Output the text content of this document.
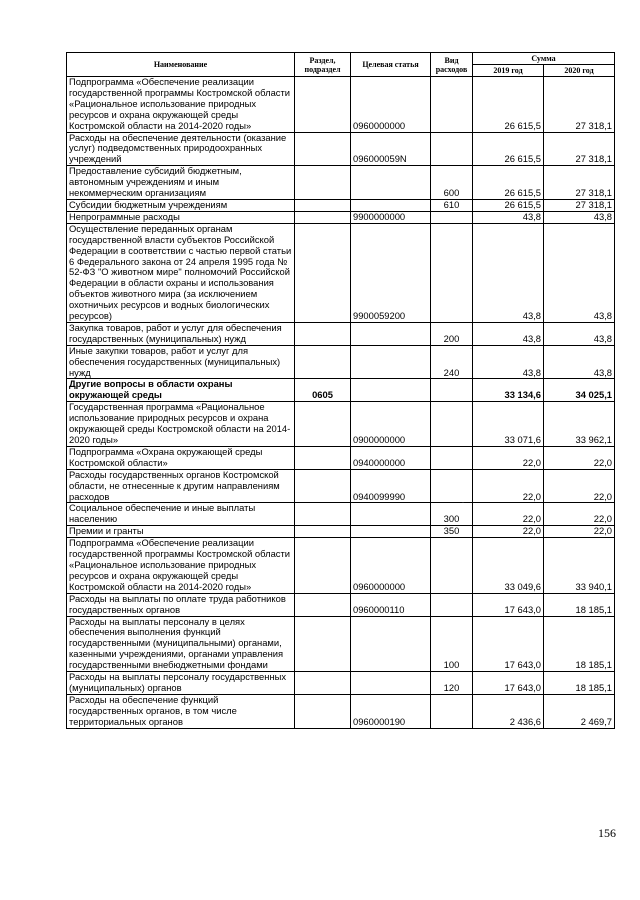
Наименование	Раздел, подраздел	Целевая статья	Вид расходов	Сумма	
				2019 год	2020 год
Подпрограмма «Обеспечение реализации государственной программы Костромской области «Рациональное использование природных ресурсов и охрана окружающей среды Костромской области на 2014-2020 годы»		0960000000		26 615,5	27 318,1
Расходы на обеспечение деятельности (оказание услуг) подведомственных природоохранных учреждений		096000059N		26 615,5	27 318,1
Предоставление субсидий бюджетным, автономным учреждениям и иным некоммерческим организациям			600	26 615,5	27 318,1
Субсидии бюджетным учреждениям			610	26 615,5	27 318,1
Непрограммные расходы		9900000000		43,8	43,8
Осуществление переданных органам государственной власти субъектов Российской Федерации в соответствии с частью первой статьи 6 Федерального закона от 24 апреля 1995 года № 52-ФЗ "О животном мире" полномочий Российской Федерации в области охраны и использования объектов животного мира (за исключением охотничьих ресурсов и водных биологических ресурсов)		9900059200		43,8	43,8
Закупка товаров, работ и услуг для обеспечения государственных (муниципальных) нужд			200	43,8	43,8
Иные закупки товаров, работ и услуг для обеспечения государственных (муниципальных) нужд			240	43,8	43,8
Другие вопросы в области охраны окружающей среды	0605			33 134,6	34 025,1
Государственная программа «Рациональное использование природных ресурсов и охрана окружающей среды Костромской области на 2014-2020 годы»		0900000000		33 071,6	33 962,1
Подпрограмма «Охрана окружающей среды Костромской области»		0940000000		22,0	22,0
Расходы государственных органов Костромской области, не отнесенные к другим направлениям расходов		0940099990		22,0	22,0
Социальное обеспечение и иные выплаты населению			300	22,0	22,0
Премии и гранты			350	22,0	22,0
Подпрограмма «Обеспечение реализации государственной программы Костромской области «Рациональное использование природных ресурсов и охрана окружающей среды Костромской области на 2014-2020 годы»		0960000000		33 049,6	33 940,1
Расходы на выплаты по оплате труда работников государственных органов		0960000110		17 643,0	18 185,1
Расходы на выплаты персоналу в целях обеспечения выполнения функций государственными (муниципальными) органами, казенными учреждениями, органами управления государственными внебюджетными фондами			100	17 643,0	18 185,1
Расходы на выплаты персоналу государственных (муниципальных) органов			120	17 643,0	18 185,1
Расходы на обеспечение функций государственных органов, в том числе территориальных органов		0960000190		2 436,6	2 469,7
·
·
156
